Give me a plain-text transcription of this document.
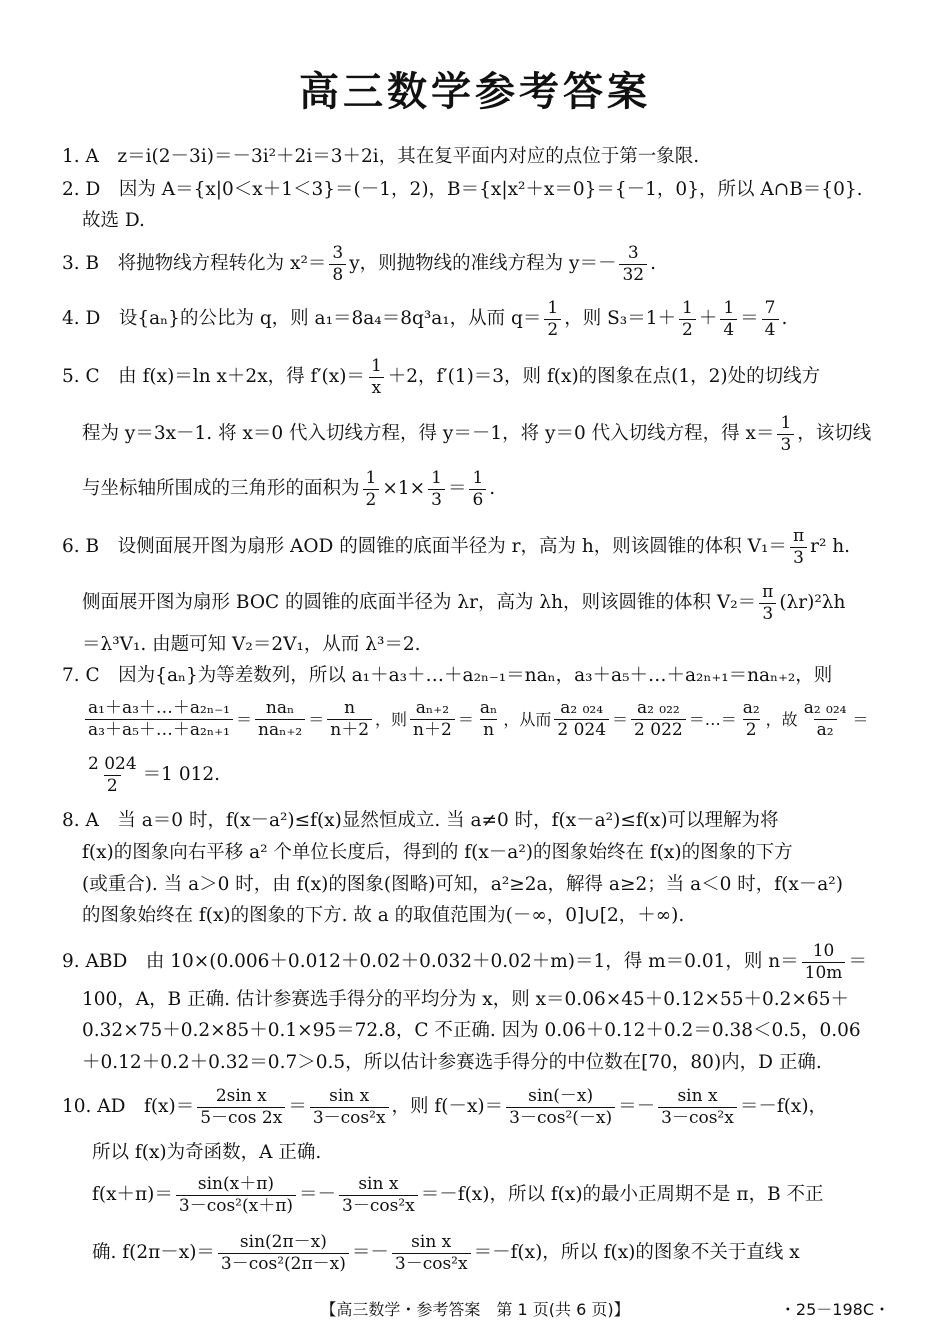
高三数学参考答案
1. A　z＝i(2－3i)＝－3i²＋2i＝3＋2i，其在复平面内对应的点位于第一象限.
2. D　因为 A＝{x|0＜x＋1＜3}＝(－1，2)，B＝{x|x²＋x＝0}＝{－1，0}，所以 A∩B＝{0}.
故选 D.
3. B　将抛物线方程转化为 x²＝
3
8
y，则抛物线的准线方程为 y＝－
3
32
.
4. D　设{aₙ}的公比为 q，则 a₁＝8a₄＝8q³a₁，从而 q＝
1
2
，则 S₃＝1＋
1
2
＋
1
4
＝
7
4
.
5. C　由 f(x)＝ln x＋2x，得 f′(x)＝
1
x
＋2，f′(1)＝3，则 f(x)的图象在点(1，2)处的切线方
程为 y＝3x－1. 将 x＝0 代入切线方程，得 y＝－1，将 y＝0 代入切线方程，得 x＝
1
3
，该切线
与坐标轴所围成的三角形的面积为 $\frac{1}{2} \times 1\times \frac{1}{3}$ ＝
1
6
.
6. B　设侧面展开图为扇形 AOD 的圆锥的底面半径为 r，高为 h，则该圆锥的体积 V₁＝
π
3
r² h.
侧面展开图为扇形 BOC 的圆锥的底面半径为 λr，高为 λh，则该圆锥的体积 V₂＝
π
3
(λr)²λh
＝λ³V₁. 由题可知 V₂＝2V₁，从而 λ³＝2.
7. C　因为{aₙ}为等差数列，所以 a₁＋a₃＋…＋a₂ₙ₋₁＝naₙ，a₃＋a₅＋…＋a₂ₙ₊₁＝naₙ₊₂，则
a₁＋a₃＋…＋a₂ₙ₋₁
a₃＋a₅＋…＋a₂ₙ₊₁
＝
naₙ
naₙ₊₂
＝
n
n＋2
，则
aₙ₊₂
n＋2
＝
aₙ
n
，从而
a₂ ₀₂₄
2 024
＝
a₂ ₀₂₂
2 022
＝…＝
a₂
2
，故
a₂ ₀₂₄
a₂
＝
2 024
2
＝1 012.
8. A　当 a＝0 时，f(x－a²)≤f(x)显然恒成立. 当 a≠0 时，f(x－a²)≤f(x)可以理解为将
f(x)的图象向右平移 a² 个单位长度后，得到的 f(x－a²)的图象始终在 f(x)的图象的下方
(或重合). 当 a＞0 时，由 f(x)的图象(图略)可知，a²≥2a，解得 a≥2；当 a＜0 时，f(x－a²)
的图象始终在 f(x)的图象的下方. 故 a 的取值范围为(－∞，0]∪[2，＋∞).
9. ABD　由 10×(0.006＋0.012＋0.02＋0.032＋0.02＋m)＝1，得 m＝0.01，则 n＝
10
10m
＝
100，A，B 正确. 估计参赛选手得分的平均分为 x，则 x＝0.06×45＋0.12×55＋0.2×65＋
0.32×75＋0.2×85＋0.1×95＝72.8，C 不正确. 因为 0.06＋0.12＋0.2＝0.38＜0.5，0.06
＋0.12＋0.2＋0.32＝0.7＞0.5，所以估计参赛选手得分的中位数在[70，80)内，D 正确.
10. AD　f(x)＝
2sin x
5－cos 2x
＝
sin x
3－cos²x
，则 f(－x)＝
sin(－x)
3－cos²(－x)
＝－
sin x
3－cos²x
＝－f(x)，
所以 f(x)为奇函数，A 正确.
f(x＋π)＝
sin(x＋π)
3－cos²(x＋π)
＝－
sin x
3－cos²x
＝－f(x)，所以 f(x)的最小正周期不是 π，B 不正
确. f(2π－x)＝
sin(2π－x)
3－cos²(2π－x)
＝－
sin x
3－cos²x
＝－f(x)，所以 f(x)的图象不关于直线 x
【高三数学・参考答案　第 1 页(共 6 页)】	・25－198C・
